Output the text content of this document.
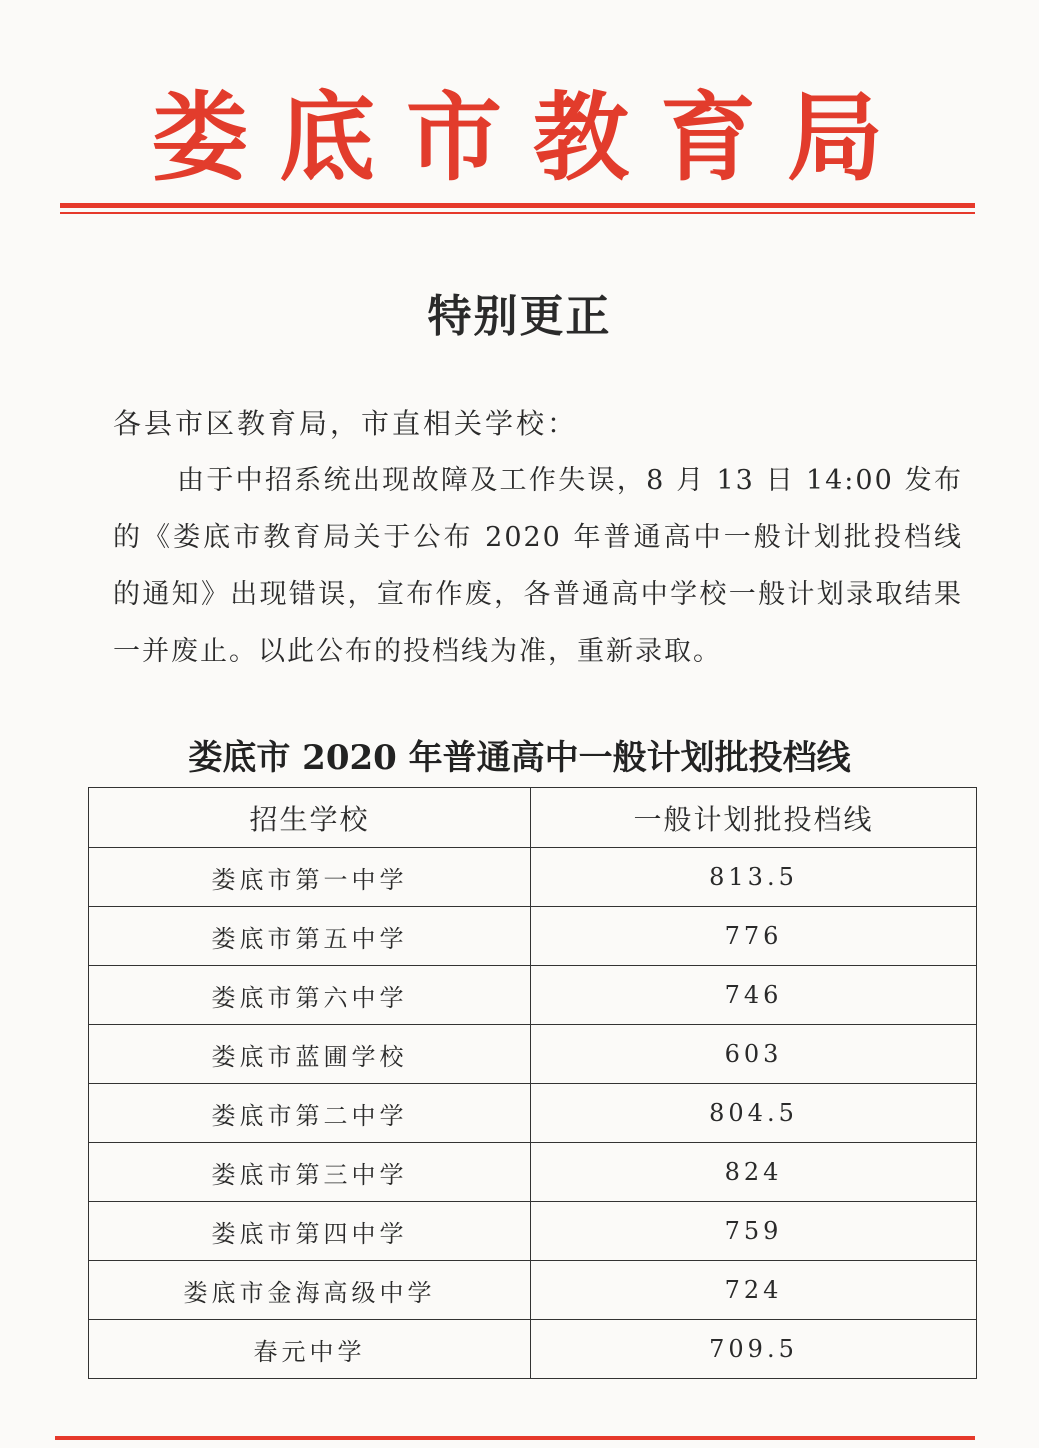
娄 底 市 教 育 局
特别更正
各县市区教育局，市直相关学校：

由于中招系统出现故障及工作失误，8 月 13 日 14:00 发布的《娄底市教育局关于公布 2020 年普通高中一般计划批投档线的通知》出现错误，宣布作废，各普通高中学校一般计划录取结果一并废止。以此公布的投档线为准，重新录取。

娄底市 2020 年普通高中一般计划批投档线
招生学校	一般计划批投档线
娄底市第一中学	813.5
娄底市第五中学	776
娄底市第六中学	746
娄底市蓝圃学校	603
娄底市第二中学	804.5
娄底市第三中学	824
娄底市第四中学	759
娄底市金海高级中学	724
春元中学	709.5
